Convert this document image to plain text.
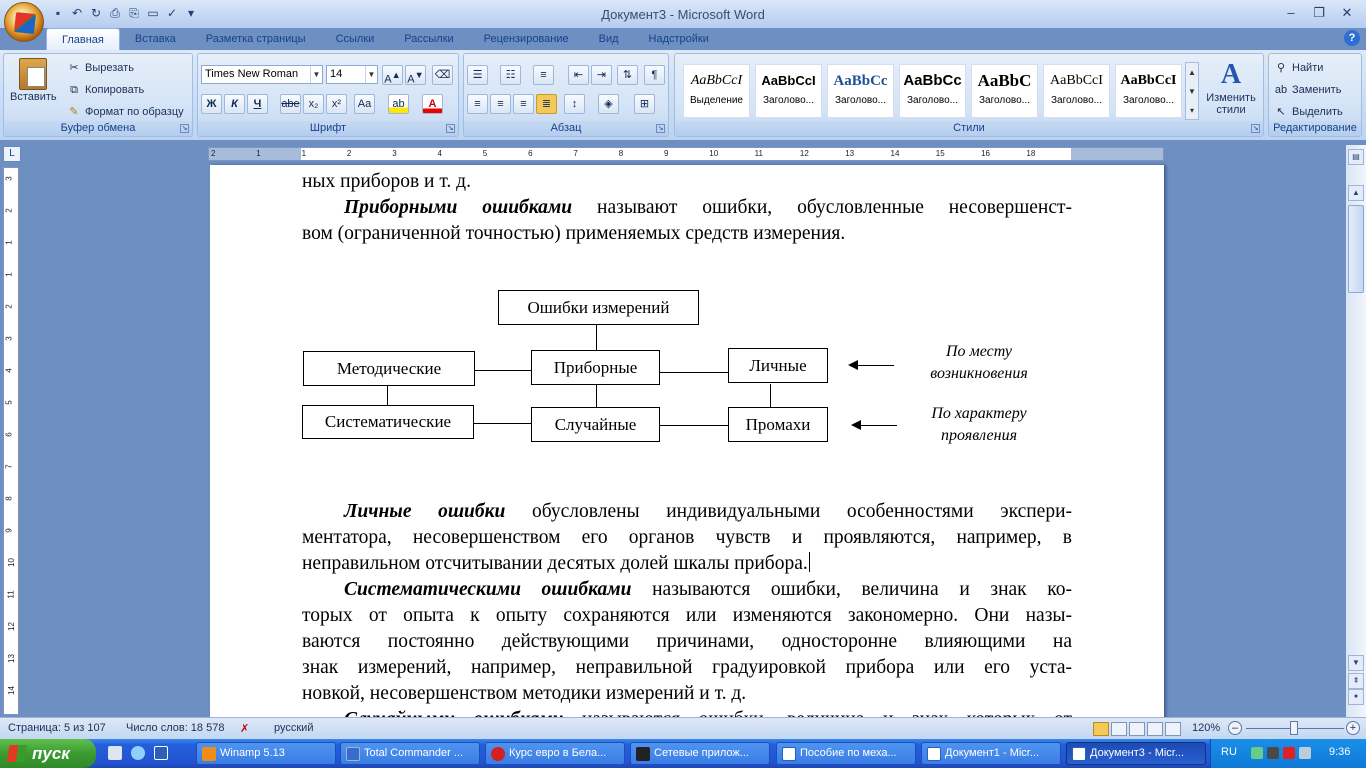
▪ ↶ ↻ ⎙ ⎘ ▭ ✓ ▾	Документ3 - Microsoft Word	–	❐	✕
Главная	Вставка	Разметка страницы	Ссылки	Рассылки	Рецензирование	Вид	Надстройки	?
Вставить
✂ Вырезать
⧉ Копировать
✎ Формат по образцу
Буфер обмена	↘
Times New Roman	▼ 14	▼ A▲ A▼ ⌫
Ж	К	Ч	abe x₂	x²	Aa	ab	A
Шрифт	↘
☰	☷	≡	⇤	⇥	⇅	¶
≡	≡	≡	≣	↕	◈	⊞
Абзац	↘
AaBbCcI
Выделение
AaBbCcI
Заголово...
AaBbCc
Заголово...
AaBbCc
Заголово...
AaBbC
Заголово...
AaBbCcI
Заголово...
AaBbCcI
Заголово...
▲
▼
▾
A
Изменить стили
Стили	↘
⚲ Найти
ab Заменить
↖ Выделить
Редактирование
L	2	1	1	2	3	4	5	6	7	8	9	10	11	12	13	14	15	16	18
3
2
1
1
2
3
4
5
6
7
8
9
10
11
12
13
14
ных приборов и т. д.
Приборными ошибками называют ошибки, обусловленные несовершенст-
вом (ограниченной точностью) применяемых средств измерения.
Ошибки измерений
Методические	Приборные	Личные
Систематические	Случайные	Промахи
По месту
возникновения
По характеру
проявления
Личные ошибки обусловлены индивидуальными особенностями экспери-
ментатора, несовершенством его органов чувств и проявляются, например, в
неправильном отсчитывании десятых долей шкалы прибора.
Систематическими ошибками называются ошибки, величина и знак ко-
торых от опыта к опыту сохраняются или изменяются закономерно. Они назы-
ваются постоянно действующими причинами, односторонне влияющими на
знак измерений, например, неправильной градуировкой прибора или его уста-
новкой, несовершенством методики измерений и т. д.
▤
▲
▼
⇞
●
Страница: 5 из 107 Число слов: 18 578 ✗ русский	120%	–	+
пуск	Winamp 5.13	Total Commander ...	Курс евро в Бела...	Сетевые прилож...	Пособие по меха...	Документ1 - Micr...	Документ3 - Micr...	RU	9:36
